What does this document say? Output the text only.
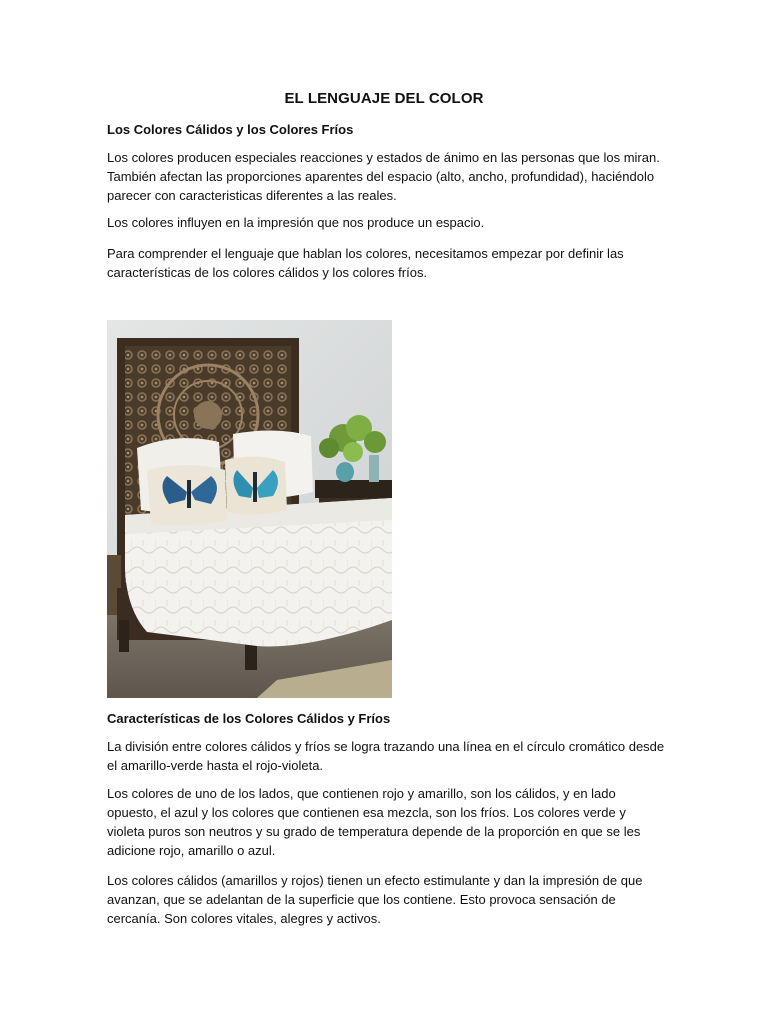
EL LENGUAJE DEL COLOR
Los Colores Cálidos y los Colores Fríos
Los colores producen especiales reacciones y estados de ánimo en las personas que los miran. También afectan las proporciones aparentes del espacio (alto, ancho, profundidad), haciéndolo parecer con caracteristicas diferentes a las reales.
Los colores influyen en la impresión que nos produce un espacio.
Para comprender el lenguaje que hablan los colores, necesitamos empezar por definir las características de los colores cálidos y los colores fríos.
Características de los Colores Cálidos y Fríos
La división entre colores cálidos y fríos se logra trazando una línea en el círculo cromático desde el amarillo-verde hasta el rojo-violeta.
Los colores de uno de los lados, que contienen rojo y amarillo, son los cálidos, y en lado opuesto, el azul y los colores que contienen esa mezcla, son los fríos. Los colores verde y violeta puros son neutros y su grado de temperatura depende de la proporción en que se les adicione rojo, amarillo o azul.
Los colores cálidos (amarillos y rojos) tienen un efecto estimulante y dan la impresión de que avanzan, que se adelantan de la superficie que los contiene. Esto provoca sensación de cercanía. Son colores vitales, alegres y activos.
